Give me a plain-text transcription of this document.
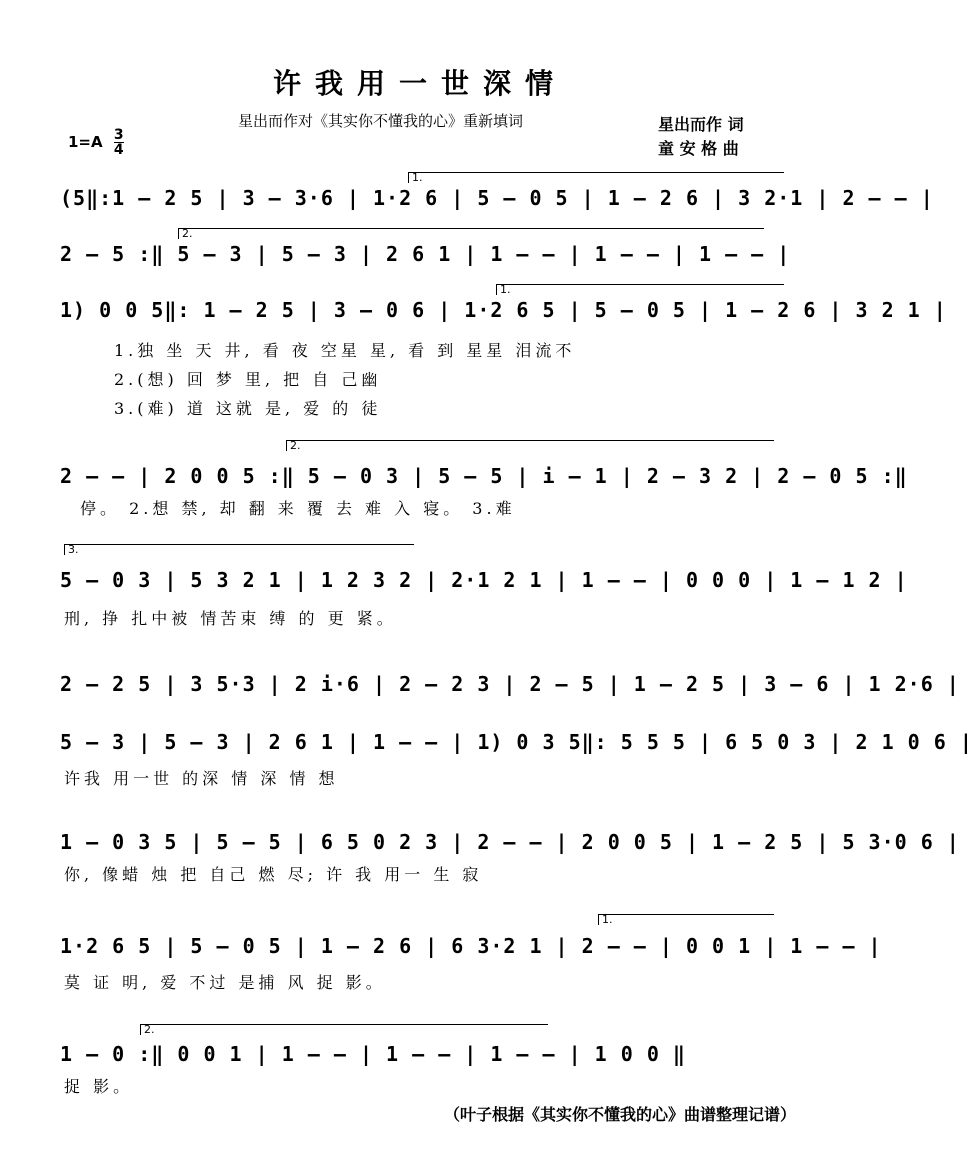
许我用一世深情
星出而作对《其实你不懂我的心》重新填词
$1=A \frac{3}{4}$
星出而作 词
童 安 格 曲
1.
(5‖:1 — 2 5 | 3 — 3·6 | 1·2 6 | 5 — 0 5 | 1 — 2 6 | 3 2·1 | 2 — — |
2.
2 — 5 :‖ 5 — 3 | 5 — 3 | 2 6 1 | 1 — — | 1 — — | 1 — — |
1.
1) 0 0 5‖: 1 — 2 5 | 3 — 0 6 | 1·2 6 5 | 5 — 0 5 | 1 — 2 6 | 3 2 1 |
1.独 坐 天 井, 看 夜 空星 星, 看 到 星星 泪流不
2.(想) 回 梦 里, 把 自 己幽
3.(难) 道 这就 是, 爱 的 徒
2.
2 — — | 2 0 0 5 :‖ 5 — 0 3 | 5 — 5 | i — 1 | 2 — 3 2 | 2 — 0 5 :‖
停。 2.想 禁, 却 翻 来 覆 去 难 入 寝。 3.难
3.
5 — 0 3 | 5 3 2 1 | 1 2 3 2 | 2·1 2 1 | 1 — — | 0 0 0 | 1 — 1 2 |
刑, 挣 扎中被 情苦束 缚 的 更 紧。
2 — 2 5 | 3 5·3 | 2 i·6 | 2 — 2 3 | 2 — 5 | 1 — 2 5 | 3 — 6 | 1 2·6 |
5 — 3 | 5 — 3 | 2 6 1 | 1 — — | 1) 0 3 5‖: 5 5 5 | 6 5 0 3 | 2 1 0 6 |
许我 用一世 的深 情 深 情 想
1 — 0 3 5 | 5 — 5 | 6 5 0 2 3 | 2 — — | 2 0 0 5 | 1 — 2 5 | 5 3·0 6 |
你, 像蜡 烛 把 自己 燃 尽; 许 我 用一 生 寂
1.
1·2 6 5 | 5 — 0 5 | 1 — 2 6 | 6 3·2 1 | 2 — — | 0 0 1 | 1 — — |
莫 证 明, 爱 不过 是捕 风 捉 影。
2.
1 — 0 :‖ 0 0 1 | 1 — — | 1 — — | 1 — — | 1 0 0 ‖
捉 影。
（叶子根据《其实你不懂我的心》曲谱整理记谱）
